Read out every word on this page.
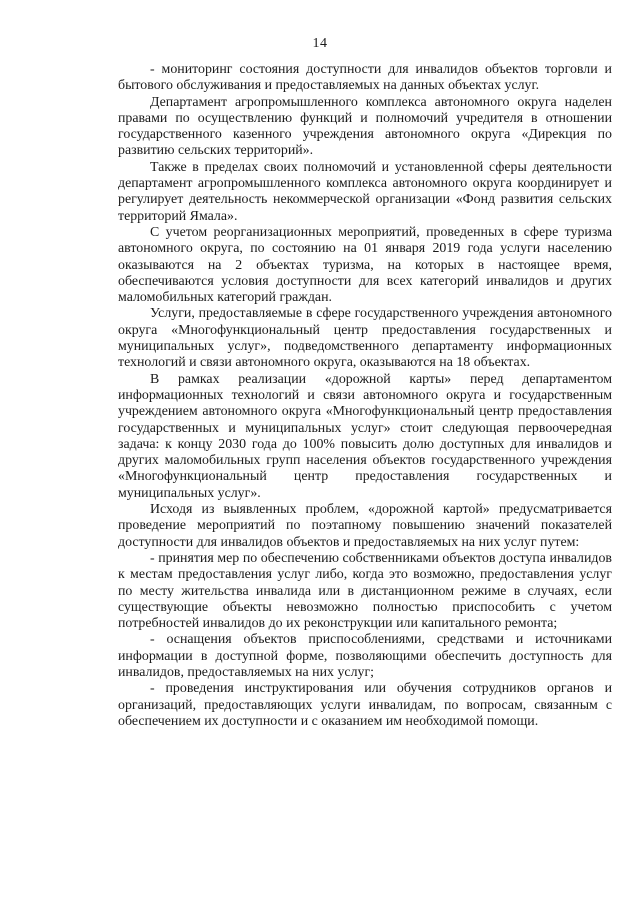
14

- мониторинг состояния доступности для инвалидов объектов торговли и бытового обслуживания и предоставляемых на данных объектах услуг.

Департамент агропромышленного комплекса автономного округа наделен правами по осуществлению функций и полномочий учредителя в отношении государственного казенного учреждения автономного округа «Дирекция по развитию сельских территорий».

Также в пределах своих полномочий и установленной сферы деятельности департамент агропромышленного комплекса автономного округа координирует и регулирует деятельность некоммерческой организации «Фонд развития сельских территорий Ямала».

С учетом реорганизационных мероприятий, проведенных в сфере туризма автономного округа, по состоянию на 01 января 2019 года услуги населению оказываются на 2 объектах туризма, на которых в настоящее время, обеспечиваются условия доступности для всех категорий инвалидов и других маломобильных категорий граждан.

Услуги, предоставляемые в сфере государственного учреждения автономного округа «Многофункциональный центр предоставления государственных и муниципальных услуг», подведомственного департаменту информационных технологий и связи автономного округа, оказываются на 18 объектах.

В рамках реализации «дорожной карты» перед департаментом информационных технологий и связи автономного округа и государственным учреждением автономного округа «Многофункциональный центр предоставления государственных и муниципальных услуг» стоит следующая первоочередная задача: к концу 2030 года до 100% повысить долю доступных для инвалидов и других маломобильных групп населения объектов государственного учреждения «Многофункциональный центр предоставления государственных и муниципальных услуг».

Исходя из выявленных проблем, «дорожной картой» предусматривается проведение мероприятий по поэтапному повышению значений показателей доступности для инвалидов объектов и предоставляемых на них услуг путем:

- принятия мер по обеспечению собственниками объектов доступа инвалидов к местам предоставления услуг либо, когда это возможно, предоставления услуг по месту жительства инвалида или в дистанционном режиме в случаях, если существующие объекты невозможно полностью приспособить с учетом потребностей инвалидов до их реконструкции или капитального ремонта;

- оснащения объектов приспособлениями, средствами и источниками информации в доступной форме, позволяющими обеспечить доступность для инвалидов, предоставляемых на них услуг;

- проведения инструктирования или обучения сотрудников органов и организаций, предоставляющих услуги инвалидам, по вопросам, связанным с обеспечением их доступности и с оказанием им необходимой помощи.
